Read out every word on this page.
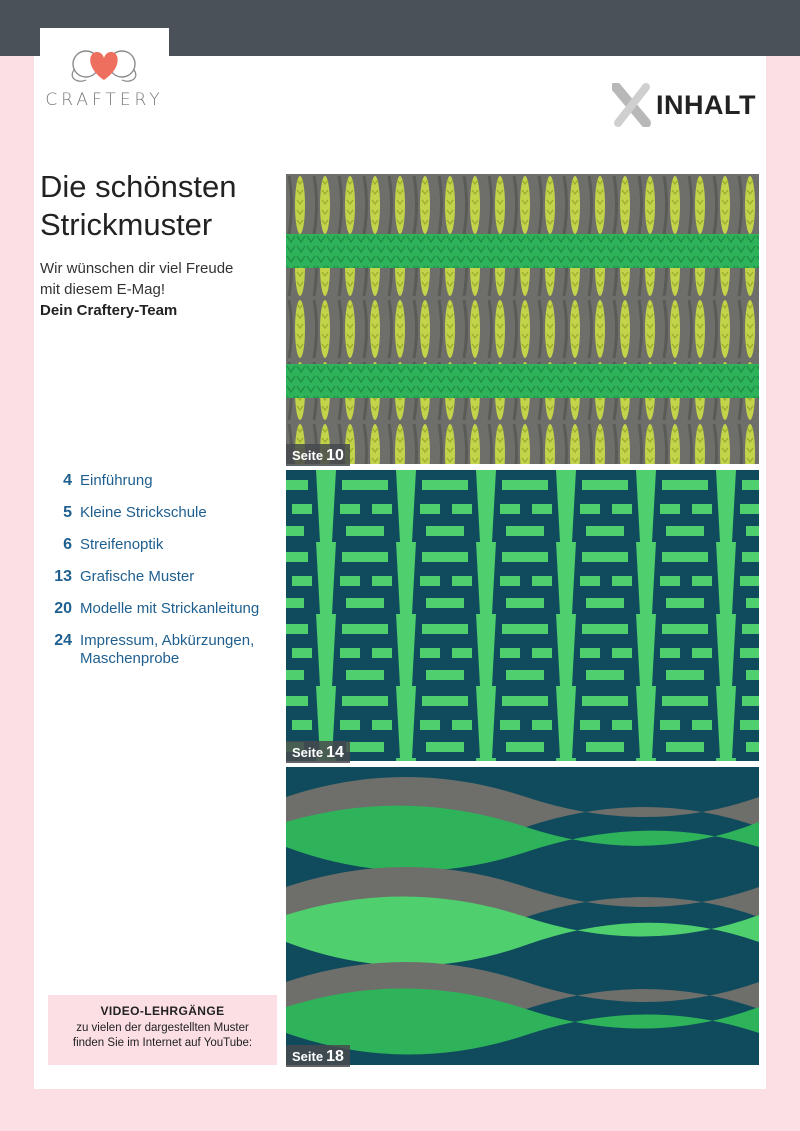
CRAFTERY	INHALT
Die schönsten Strickmuster
Wir wünschen dir viel Freude
mit diesem E-Mag!
Dein Craftery-Team
4 Einführung
5 Kleine Strickschule
6 Streifenoptik
13 Grafische Muster
20 Modelle mit Strickanleitung
24 Impressum, Abkürzungen, Maschenprobe
Seite 10
Seite 14
Seite 18
VIDEO-LEHRGÄNGE
zu vielen der dargestellten Muster
finden Sie im Internet auf YouTube:
